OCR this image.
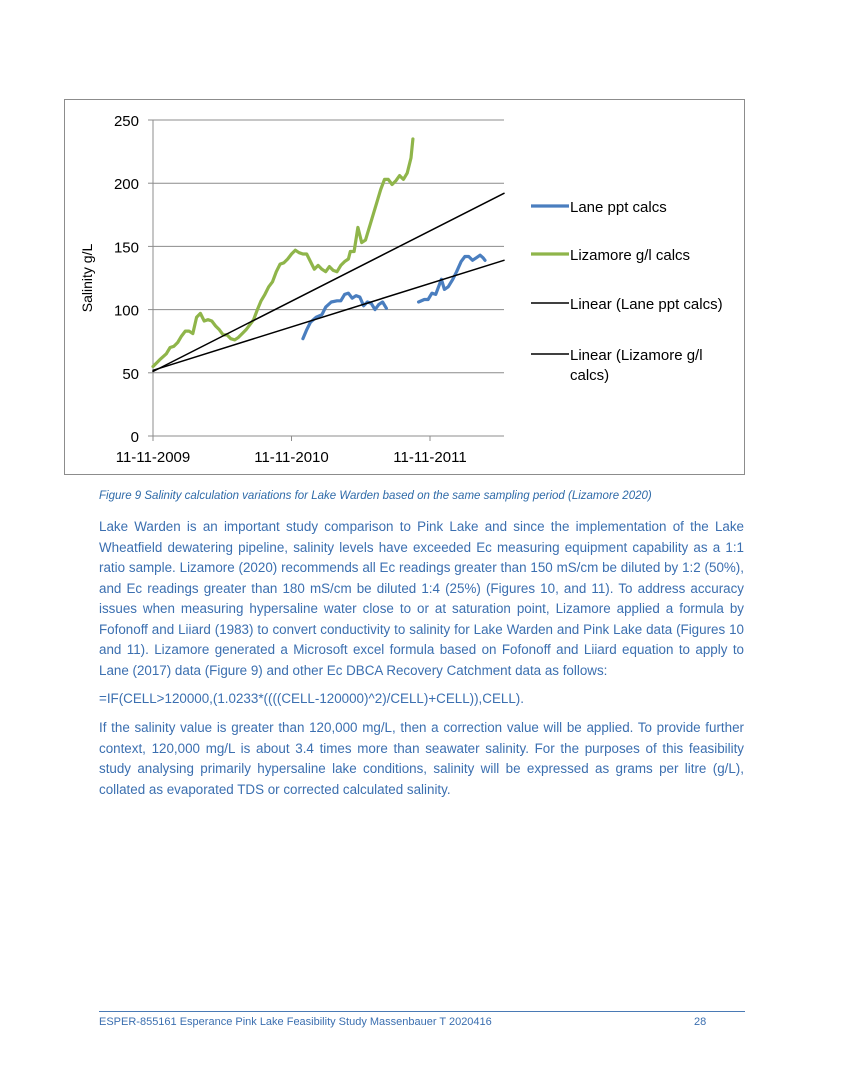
0
50
100
150
200
250
11-11-2009	11-11-2010	11-11-2011
Salinity g/L
Lane ppt calcs
Lizamore g/l calcs
Linear (Lane ppt calcs)
Linear (Lizamore g/l
calcs)
Figure 9 Salinity calculation variations for Lake Warden based on the same sampling period (Lizamore 2020)

Lake Warden is an important study comparison to Pink Lake and since the implementation of the Lake Wheatfield dewatering pipeline, salinity levels have exceeded Ec measuring equipment capability as a 1:1 ratio sample. Lizamore (2020) recommends all Ec readings greater than 150 mS/cm be diluted by 1:2 (50%), and Ec readings greater than 180 mS/cm be diluted 1:4 (25%) (Figures 10, and 11). To address accuracy issues when measuring hypersaline water close to or at saturation point, Lizamore applied a formula by Fofonoff and Liiard (1983) to convert conductivity to salinity for Lake Warden and Pink Lake data (Figures 10 and 11). Lizamore generated a Microsoft excel formula based on Fofonoff and Liiard equation to apply to Lane (2017) data (Figure 9) and other Ec DBCA Recovery Catchment data as follows:

=IF(CELL>120000,(1.0233*((((CELL-120000)^2)/CELL)+CELL)),CELL).

If the salinity value is greater than 120,000 mg/L, then a correction value will be applied. To provide further context, 120,000 mg/L is about 3.4 times more than seawater salinity. For the purposes of this feasibility study analysing primarily hypersaline lake conditions, salinity will be expressed as grams per litre (g/L), collated as evaporated TDS or corrected calculated salinity.

ESPER-855161 Esperance Pink Lake Feasibility Study Massenbauer T 2020416	28
